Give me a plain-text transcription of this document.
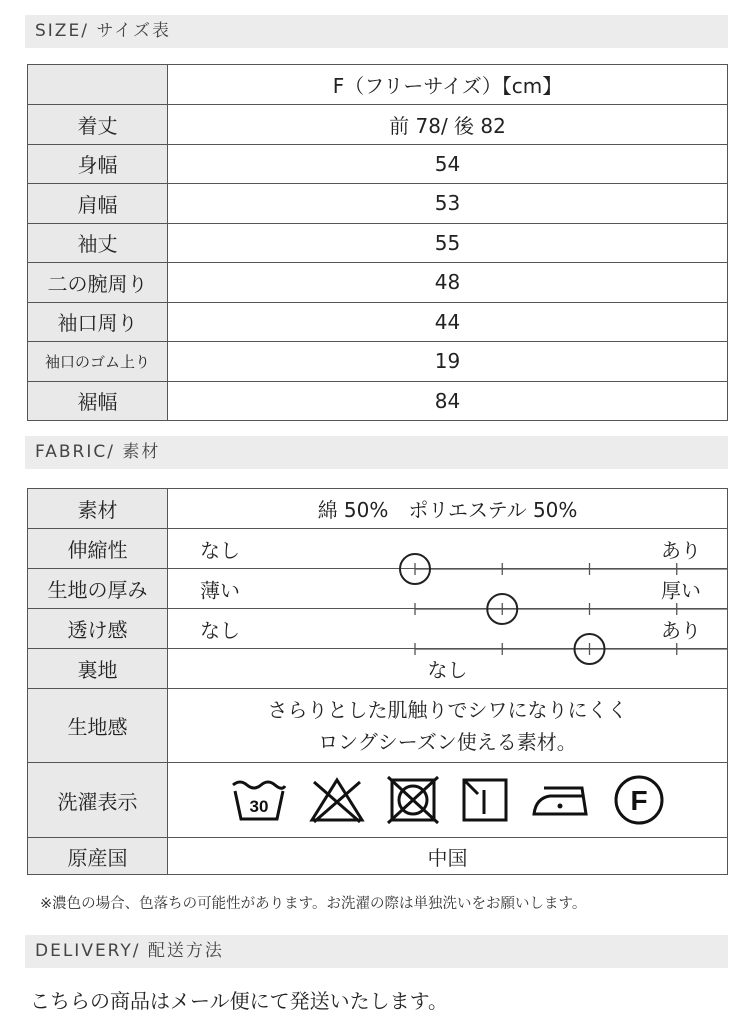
SIZE/ サイズ表
	F（フリーサイズ）【cm】
着丈	前 78/ 後 82
身幅	54
肩幅	53
袖丈	55
二の腕周り	48
袖口周り	44
袖口のゴム上り	19
裾幅	84
FABRIC/ 素材
素材	綿 50%　ポリエステル 50%
伸縮性	なし あり

生地の厚み	薄い 厚い

透け感	なし あり

裏地	なし
生地感	さらりとした肌触りでシワになりにくく
ロングシーズン使える素材。

洗濯表示	30 F

原産国	中国
※濃色の場合、色落ちの可能性があります。お洗濯の際は単独洗いをお願いします。
DELIVERY/ 配送方法
こちらの商品はメール便にて発送いたします。
